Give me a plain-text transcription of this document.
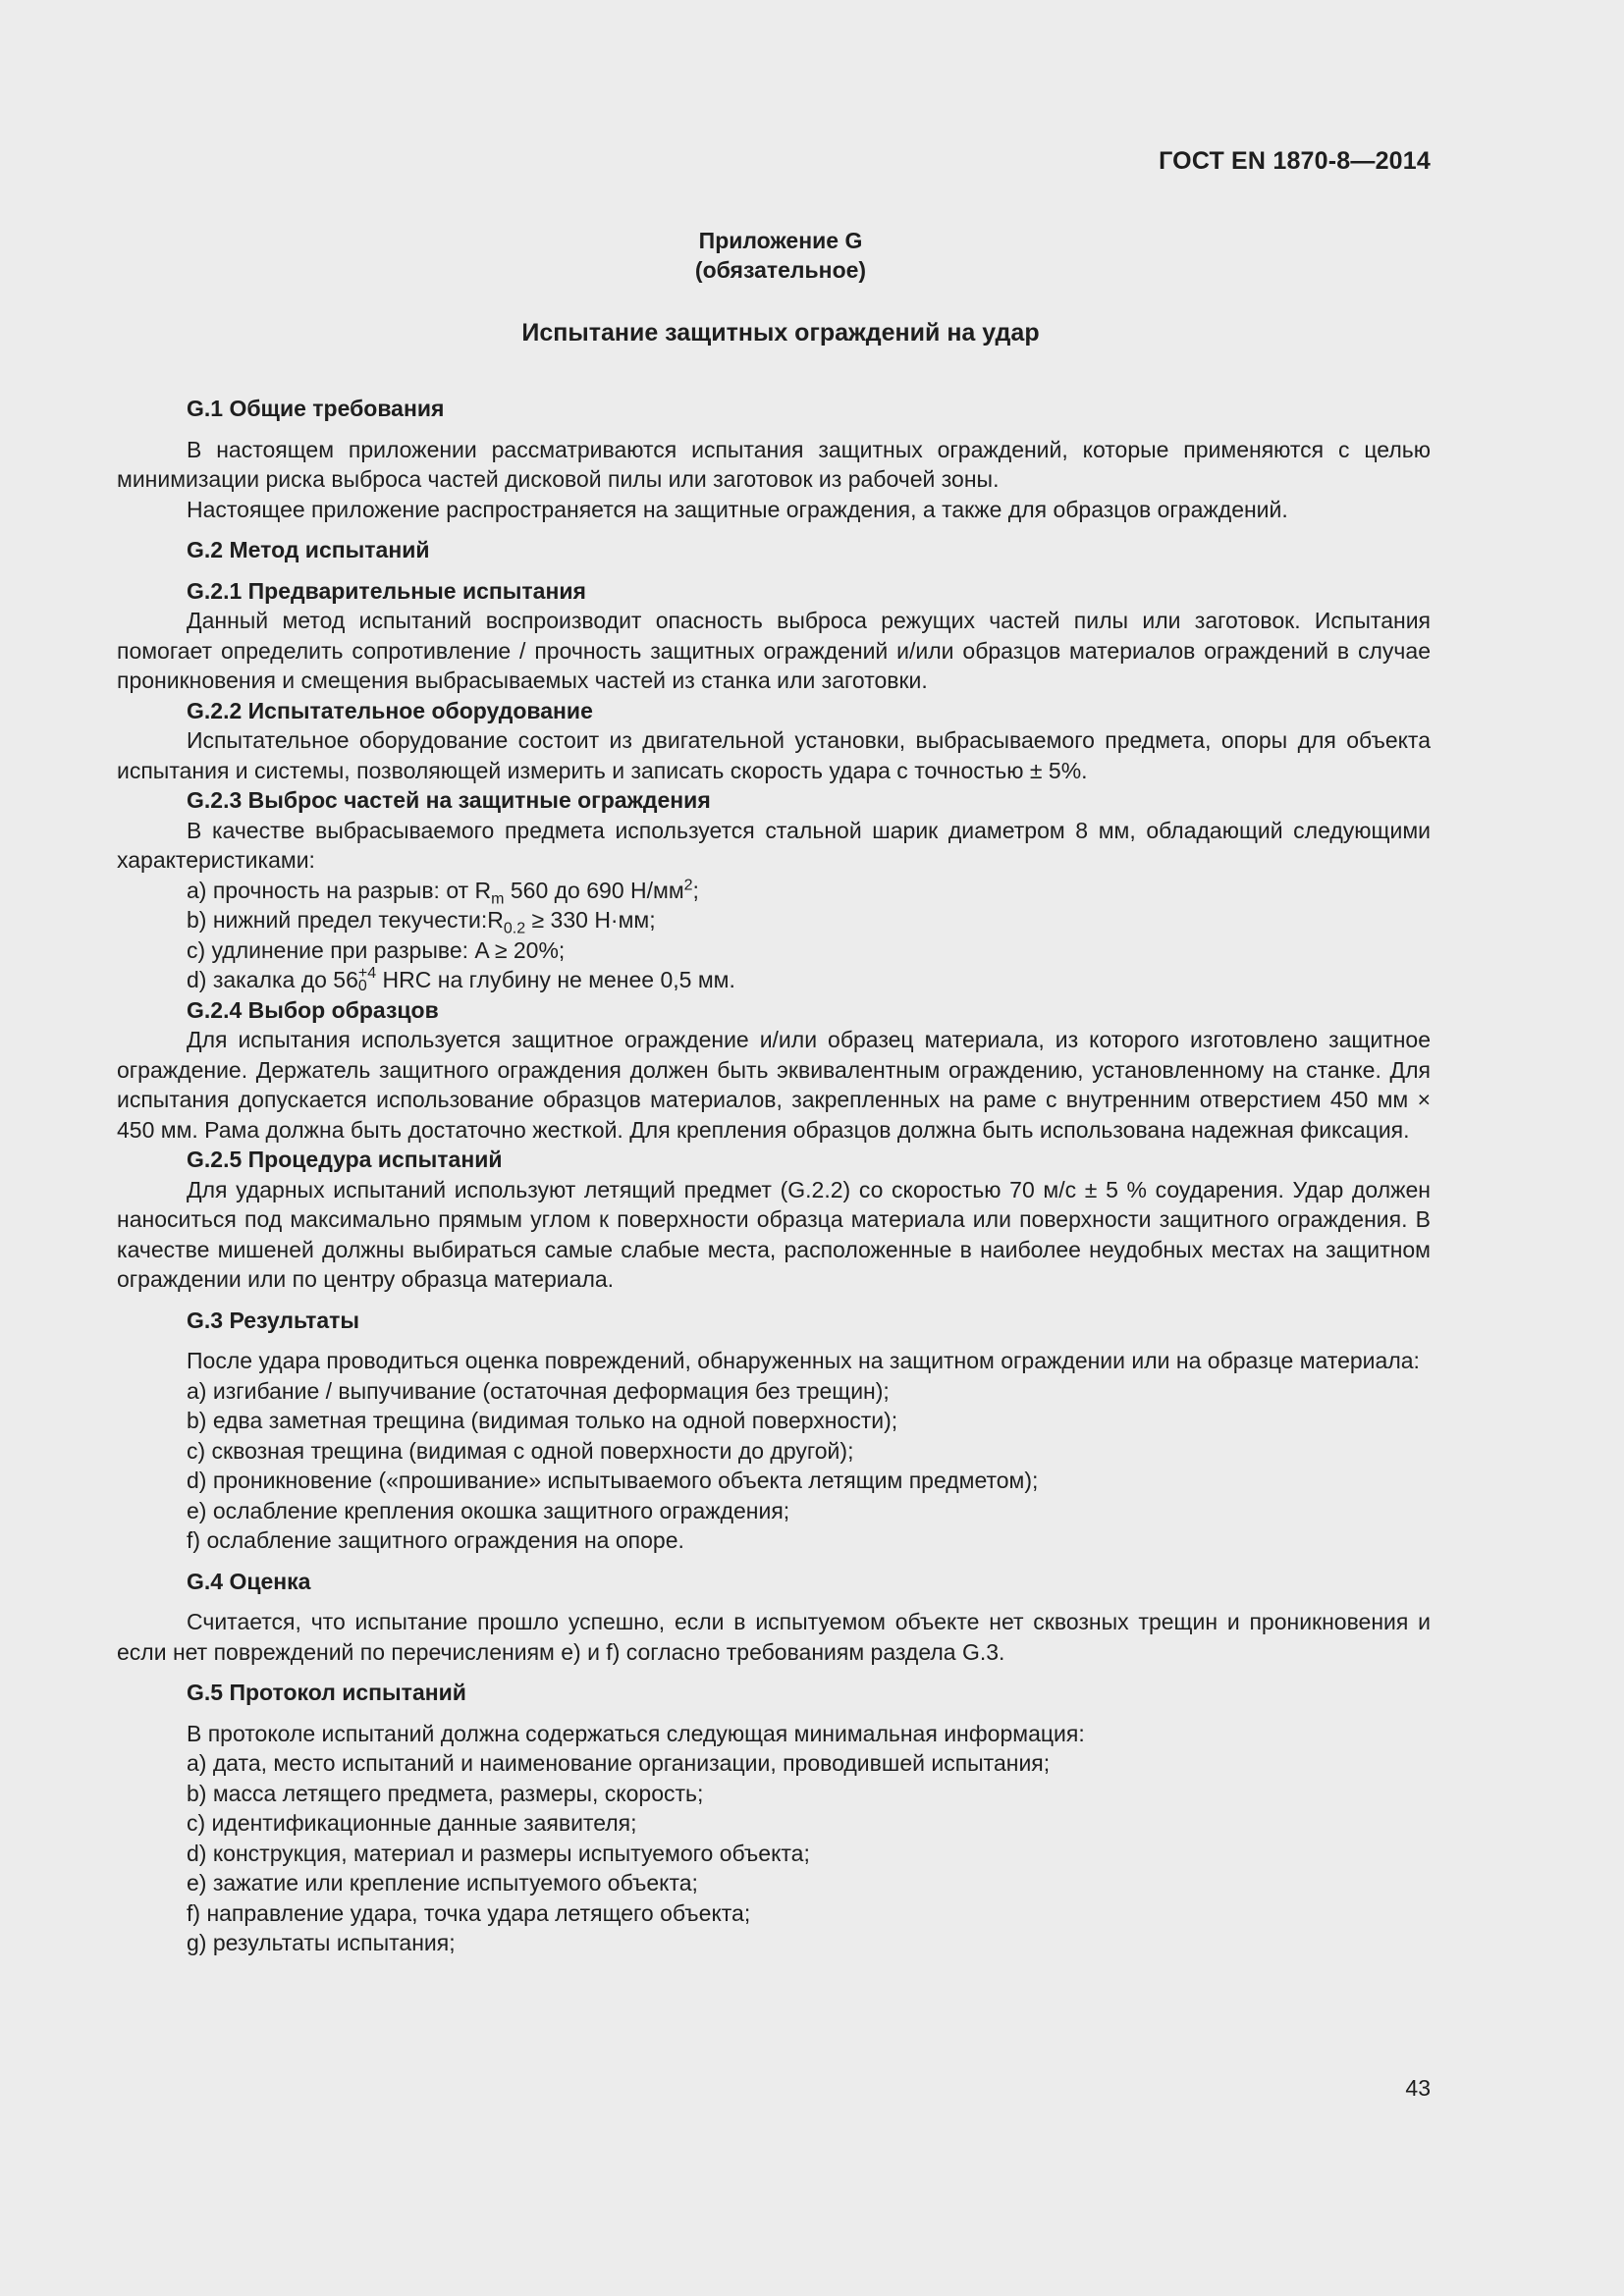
ГОСТ EN 1870-8—2014
Приложение G
(обязательное)
Испытание защитных ограждений на удар

G.1 Общие требования

В настоящем приложении рассматриваются испытания защитных ограждений, которые применяются с целью минимизации риска выброса частей дисковой пилы или заготовок из рабочей зоны.

Настоящее приложение распространяется на защитные ограждения, а также для образцов ограждений.

G.2 Метод испытаний

G.2.1 Предварительные испытания

Данный метод испытаний воспроизводит опасность выброса режущих частей пилы или заготовок. Испытания помогает определить сопротивление / прочность защитных ограждений и/или образцов материалов ограждений в случае проникновения и смещения выбрасываемых частей из станка или заготовки.

G.2.2 Испытательное оборудование

Испытательное оборудование состоит из двигательной установки, выбрасываемого предмета, опоры для объекта испытания и системы, позволяющей измерить и записать скорость удара с точностью ± 5%.

G.2.3 Выброс частей на защитные ограждения

В качестве выбрасываемого предмета используется стальной шарик диаметром 8 мм, обладающий следующими характеристиками:

a) прочность на разрыв: от $R_m$ 560 до 690 $Н/мм^2$;

b) нижний предел $текучести:R_{0.2} \ge 330$ Н·мм;

c) удлинение при разрыве: A ≥ 20%;

d) закалка до 56 +4
0 HRC на глубину не менее 0,5 мм.

G.2.4 Выбор образцов

Для испытания используется защитное ограждение и/или образец материала, из которого изготовлено защитное ограждение. Держатель защитного ограждения должен быть эквивалентным ограждению, установленному на станке. Для испытания допускается использование образцов материалов, закрепленных на раме с внутренним отверстием 450 мм × 450 мм. Рама должна быть достаточно жесткой. Для крепления образцов должна быть использована надежная фиксация.

G.2.5 Процедура испытаний

Для ударных испытаний используют летящий предмет (G.2.2) со скоростью 70 м/с ± 5 % соударения. Удар должен наноситься под максимально прямым углом к поверхности образца материала или поверхности защитного ограждения. В качестве мишеней должны выбираться самые слабые места, расположенные в наиболее неудобных местах на защитном ограждении или по центру образца материала.

G.3 Результаты

После удара проводиться оценка повреждений, обнаруженных на защитном ограждении или на образце материала:

a) изгибание / выпучивание (остаточная деформация без трещин);

b) едва заметная трещина (видимая только на одной поверхности);

c) сквозная трещина (видимая с одной поверхности до другой);

d) проникновение («прошивание» испытываемого объекта летящим предметом);

e) ослабление крепления окошка защитного ограждения;

f) ослабление защитного ограждения на опоре.

G.4 Оценка

Считается, что испытание прошло успешно, если в испытуемом объекте нет сквозных трещин и проникновения и если нет повреждений по перечислениям e) и f) согласно требованиям раздела G.3.

G.5 Протокол испытаний

В протоколе испытаний должна содержаться следующая минимальная информация:

a) дата, место испытаний и наименование организации, проводившей испытания;

b) масса летящего предмета, размеры, скорость;

c) идентификационные данные заявителя;

d) конструкция, материал и размеры испытуемого объекта;

e) зажатие или крепление испытуемого объекта;

f) направление удара, точка удара летящего объекта;

g) результаты испытания;

43
